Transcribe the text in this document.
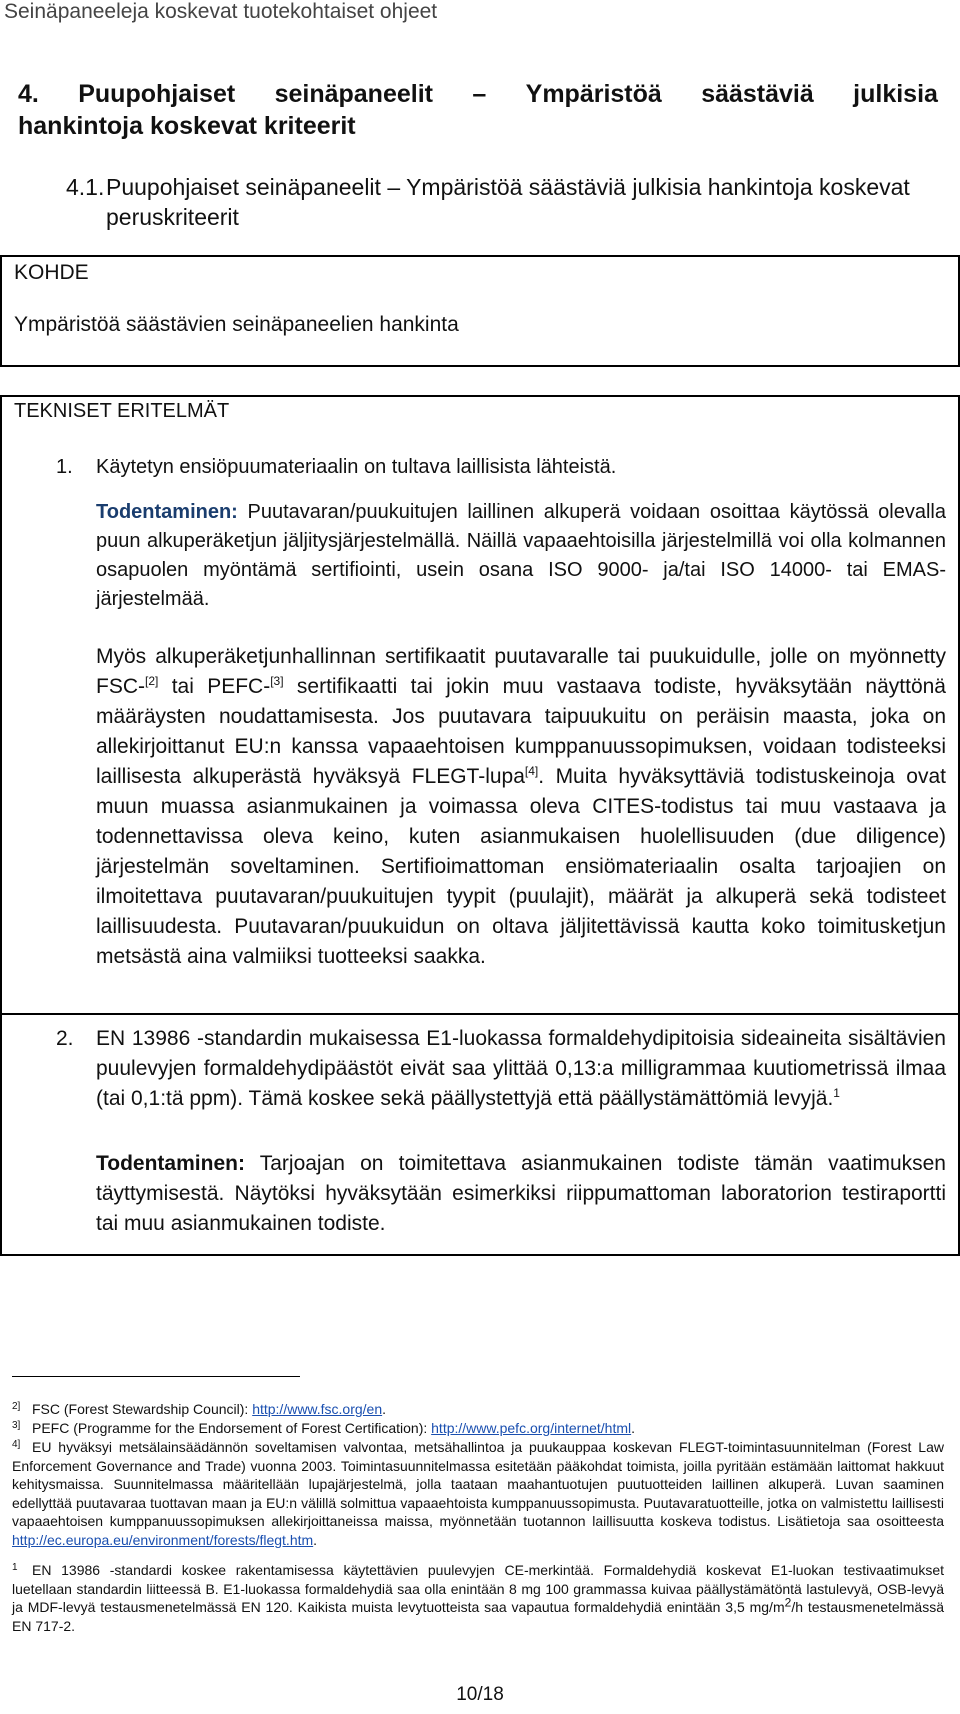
Seinäpaneeleja koskevat tuotekohtaiset ohjeet
4. Puupohjaiset seinäpaneelit – Ympäristöä säästäviä julkisia
hankintoja koskevat kriteerit
4.1. Puupohjaiset seinäpaneelit – Ympäristöä säästäviä julkisia hankintoja koskevat peruskriteerit
KOHDE
Ympäristöä säästävien seinäpaneelien hankinta
TEKNISET ERITELMÄT
1. Käytetyn ensiöpuumateriaalin on tultava laillisista lähteistä.
Todentaminen: Puutavaran/puukuitujen laillinen alkuperä voidaan osoittaa käytössä olevalla puun alkuperäketjun jäljitysjärjestelmällä. Näillä vapaaehtoisilla järjestelmillä voi olla kolmannen osapuolen myöntämä sertifiointi, usein osana ISO 9000- ja/tai ISO 14000- tai EMAS-järjestelmää.
Myös alkuperäketjunhallinnan sertifikaatit puutavaralle tai puukuidulle, jolle on myönnetty FSC-[2] tai PEFC-[3] sertifikaatti tai jokin muu vastaava todiste, hyväksytään näyttönä määräysten noudattamisesta. Jos puutavara taipuukuitu on peräisin maasta, joka on allekirjoittanut EU:n kanssa vapaaehtoisen kumppanuussopimuksen, voidaan todisteeksi laillisesta alkuperästä hyväksyä FLEGT-lupa[4]. Muita hyväksyttäviä todistuskeinoja ovat muun muassa asianmukainen ja voimassa oleva CITES-todistus tai muu vastaava ja todennettavissa oleva keino, kuten asianmukaisen huolellisuuden (due diligence) järjestelmän soveltaminen. Sertifioimattoman ensiömateriaalin osalta tarjoajien on ilmoitettava puutavaran/puukuitujen tyypit (puulajit), määrät ja alkuperä sekä todisteet laillisuudesta. Puutavaran/puukuidun on oltava jäljitettävissä kautta koko toimitusketjun metsästä aina valmiiksi tuotteeksi saakka.
2. EN 13986 -standardin mukaisessa E1-luokassa formaldehydipitoisia sideaineita sisältävien puulevyjen formaldehydipäästöt eivät saa ylittää 0,13:a milligrammaa kuutiometrissä ilmaa (tai 0,1:tä ppm). Tämä koskee sekä päällystettyjä että päällystämättömiä levyjä.$^1$
Todentaminen: Tarjoajan on toimitettava asianmukainen todiste tämän vaatimuksen täyttymisestä. Näytöksi hyväksytään esimerkiksi riippumattoman laboratorion testiraportti tai muu asianmukainen todiste.
2] FSC (Forest Stewardship Council): http://www.fsc.org/en.
3] PEFC (Programme for the Endorsement of Forest Certification): http://www.pefc.org/internet/html.
4] EU hyväksyi metsälainsäädännön soveltamisen valvontaa, metsähallintoa ja puukauppaa koskevan FLEGT-toimintasuunnitelman (Forest Law Enforcement Governance and Trade) vuonna 2003. Toimintasuunnitelmassa esitetään pääkohdat toimista, joilla pyritään estämään laittomat hakkuut kehitysmaissa. Suunnitelmassa määritellään lupajärjestelmä, jolla taataan maahantuotujen puutuotteiden laillinen alkuperä. Luvan saaminen edellyttää puutavaraa tuottavan maan ja EU:n välillä solmittua vapaaehtoista kumppanuussopimusta. Puutavaratuotteille, jotka on valmistettu laillisesti vapaaehtoisen kumppanuussopimuksen allekirjoittaneissa maissa, myönnetään tuotannon laillisuutta koskeva todistus. Lisätietoja saa osoitteesta http://ec.europa.eu/environment/forests/flegt.htm.
1 EN 13986 -standardi koskee rakentamisessa käytettävien puulevyjen CE-merkintää. Formaldehydiä koskevat E1-luokan testivaatimukset luetellaan standardin liitteessä B. E1-luokassa formaldehydiä saa olla enintään 8 mg 100 grammassa kuivaa päällystämätöntä lastulevyä, OSB-levyä ja MDF-levyä testausmenetelmässä EN 120. Kaikista muista levytuotteista saa vapautua formaldehydiä enintään 3,5 $mg/m^2/h$ testausmenetelmässä EN 717-2.
10/18
